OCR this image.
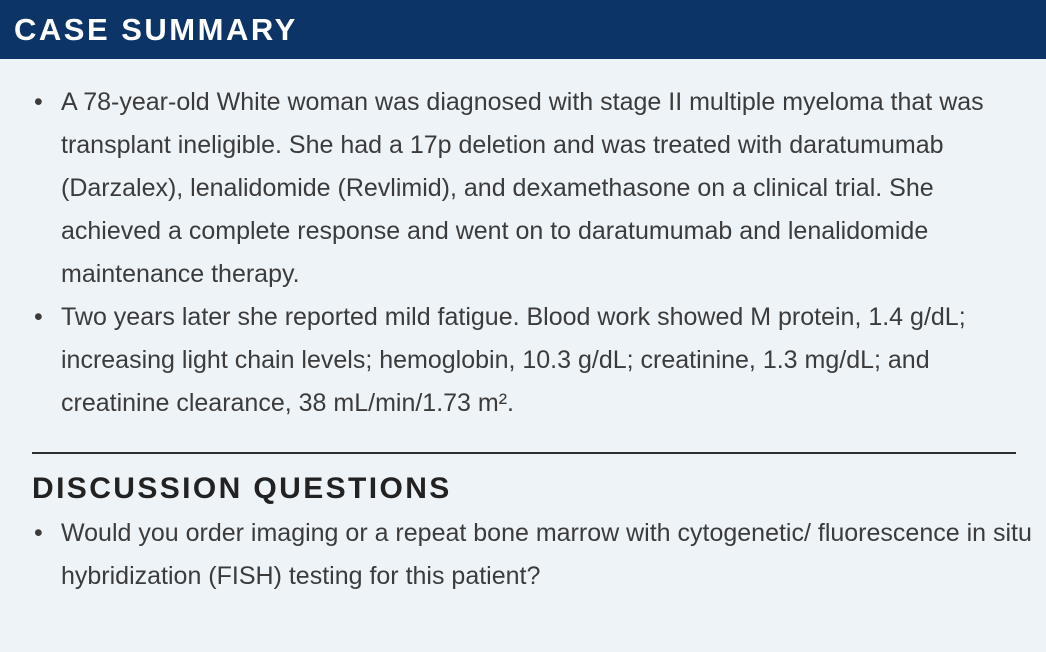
CASE SUMMARY
• A 78-year-old White woman was diagnosed with stage II multiple myeloma that was transplant ineligible. She had a 17p deletion and was treated with daratumumab (Darzalex), lenalidomide (Revlimid), and dexamethasone on a clinical trial. She achieved a complete response and went on to daratumumab and lenalidomide maintenance therapy.
• Two years later she reported mild fatigue. Blood work showed M protein, 1.4 g/dL; increasing light chain levels; hemoglobin, 10.3 g/dL; creatinine, 1.3 mg/dL; and creatinine clearance, 38 mL/min/1.73 m².
DISCUSSION QUESTIONS
• Would you order imaging or a repeat bone marrow with cytogenetic/ fluorescence in situ hybridization (FISH) testing for this patient?
